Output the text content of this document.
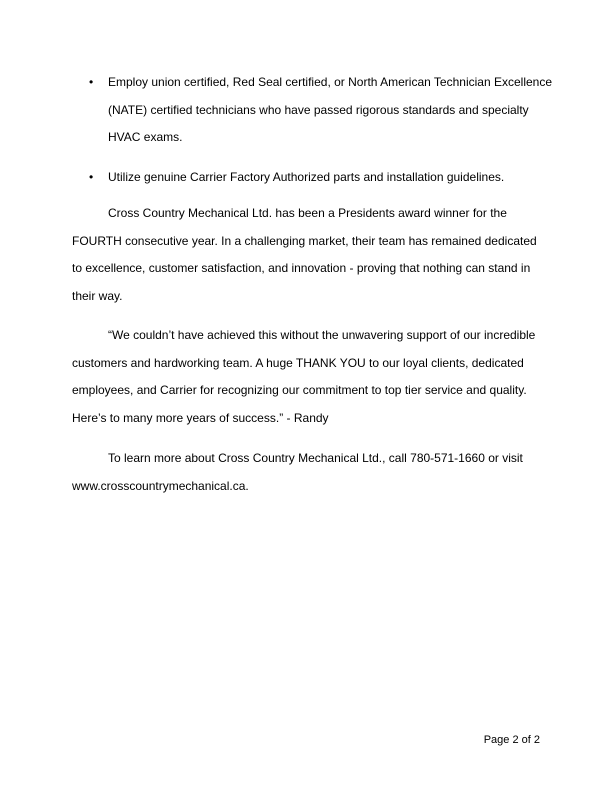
• Employ union certified, Red Seal certified, or North American Technician Excellence (NATE) certified technicians who have passed rigorous standards and specialty HVAC exams.
• Utilize genuine Carrier Factory Authorized parts and installation guidelines.

Cross Country Mechanical Ltd. has been a Presidents award winner for the FOURTH consecutive year. In a challenging market, their team has remained dedicated to excellence, customer satisfaction, and innovation - proving that nothing can stand in their way.

“We couldn’t have achieved this without the unwavering support of our incredible customers and hardworking team. A huge THANK YOU to our loyal clients, dedicated employees, and Carrier for recognizing our commitment to top tier service and quality. Here’s to many more years of success.” - Randy

To learn more about Cross Country Mechanical Ltd., call 780-571-1660 or visit www.crosscountrymechanical.ca.

Page 2 of 2
